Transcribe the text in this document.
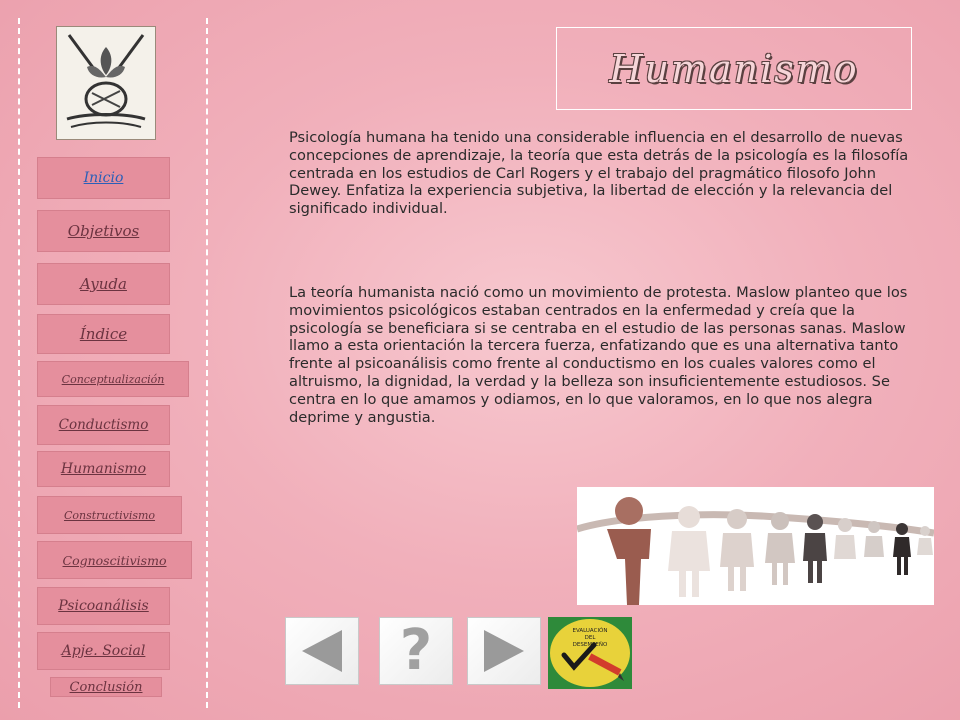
Inicio
Objetivos
Ayuda
Índice
Conceptualización
Conductismo
Humanismo
Constructivismo
Cognoscitivismo
Psicoanálisis
Apje. Social
Conclusión
Humanismo

Psicología humana ha tenido una considerable influencia en el desarrollo de nuevas concepciones de aprendizaje, la teoría que esta detrás de la psicología es la filosofía centrada en los estudios de Carl Rogers y el trabajo del pragmático filosofo John Dewey. Enfatiza la experiencia subjetiva, la libertad de elección y la relevancia del significado individual.

La teoría humanista nació como un movimiento de protesta. Maslow planteo que los movimientos psicológicos estaban centrados en la enfermedad y creía que la psicología se beneficiara si se centraba en el estudio de las personas sanas. Maslow llamo a esta orientación la tercera fuerza, enfatizando que es una alternativa tanto frente al psicoanálisis como frente al conductismo en los cuales valores como el altruismo, la dignidad, la verdad y la belleza son insuficientemente estudiosos. Se centra en lo que amamos y odiamos, en lo que valoramos, en lo que nos alegra deprime y angustia.

?	EVALUACIÓN
DEL
DESEMPEÑO
